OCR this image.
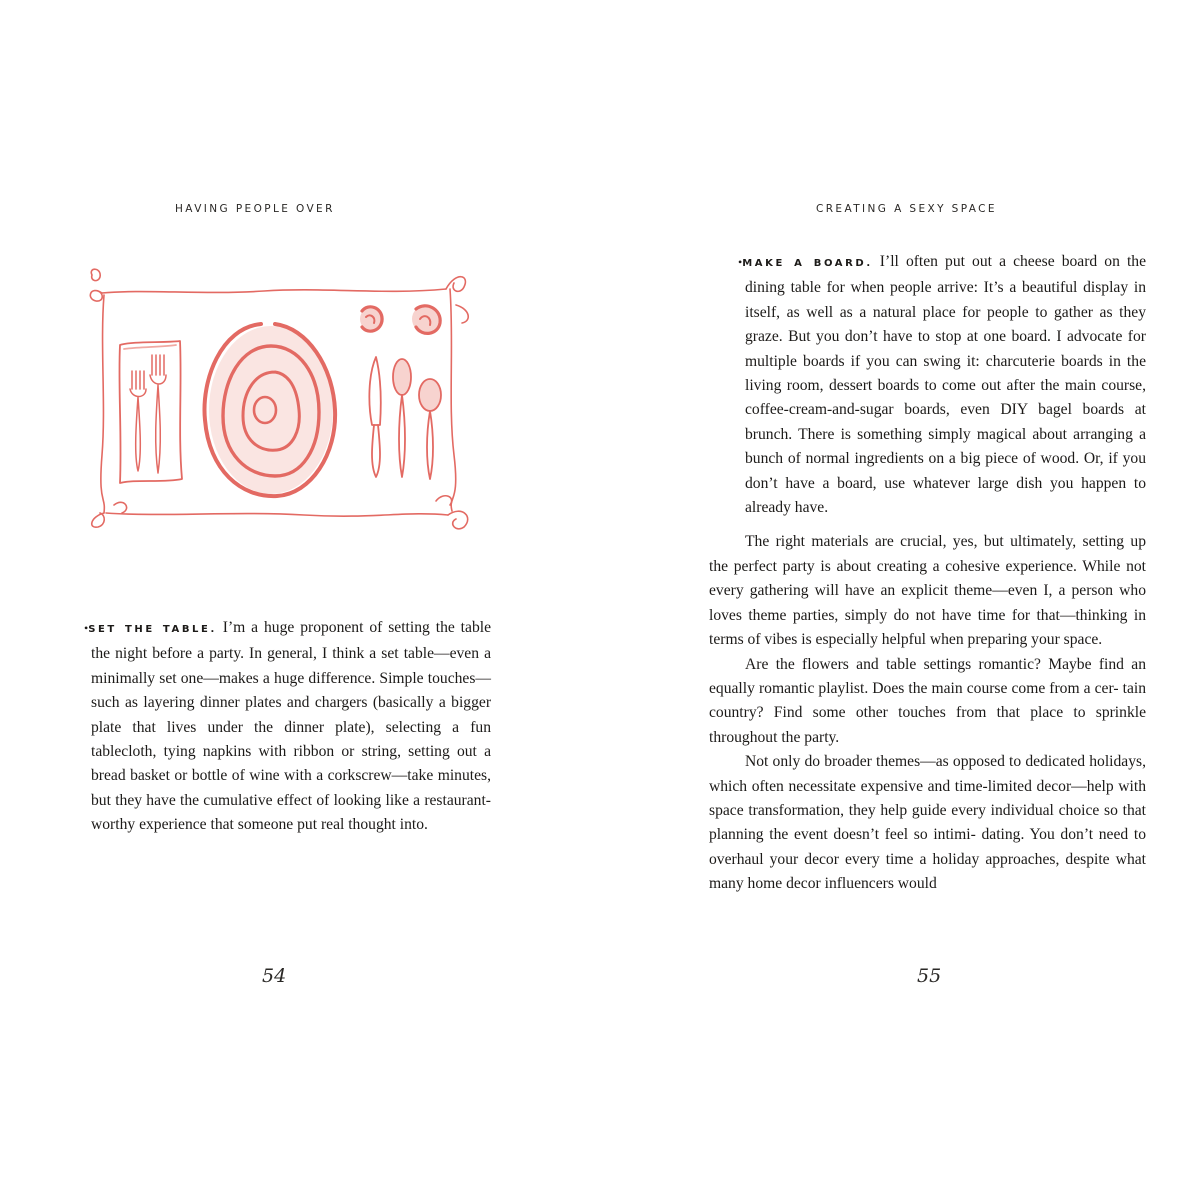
HAVING PEOPLE OVER

•SET THE TABLE. I’m a huge proponent of setting the table the night before a party. In general, I think a set table—even a minimally set one—makes a huge difference. Simple touches—such as layering dinner plates and chargers (basically a bigger plate that lives under the dinner plate), selecting a fun tablecloth, tying napkins with ribbon or string, setting out a bread basket or bottle of wine with a corkscrew—take minutes, but they have the cumulative effect of looking like a restaurant-worthy experience that someone put real thought into.

54
CREATING A SEXY SPACE

•MAKE A BOARD. I’ll often put out a cheese board on the dining table for when people arrive: It’s a beautiful display in itself, as well as a natural place for people to gather as they graze. But you don’t have to stop at one board. I advocate for multiple boards if you can swing it: charcuterie boards in the living room, dessert boards to come out after the main course, coffee-cream-and-sugar boards, even DIY bagel boards at brunch. There is something simply magical about arranging a bunch of normal ingredients on a big piece of wood. Or, if you don’t have a board, use whatever large dish you happen to already have.

The right materials are crucial, yes, but ultimately, setting up the perfect party is about creating a cohesive experience. While not every gathering will have an explicit theme—even I, a person who loves theme parties, simply do not have time for that—thinking in terms of vibes is especially helpful when preparing your space.

Are the flowers and table settings romantic? Maybe find an equally romantic playlist. Does the main course come from a cer- tain country? Find some other touches from that place to sprinkle throughout the party.

Not only do broader themes—as opposed to dedicated holidays, which often necessitate expensive and time-limited decor—help with space transformation, they help guide every individual choice so that planning the event doesn’t feel so intimi- dating. You don’t need to overhaul your decor every time a holiday approaches, despite what many home decor influencers would

55
